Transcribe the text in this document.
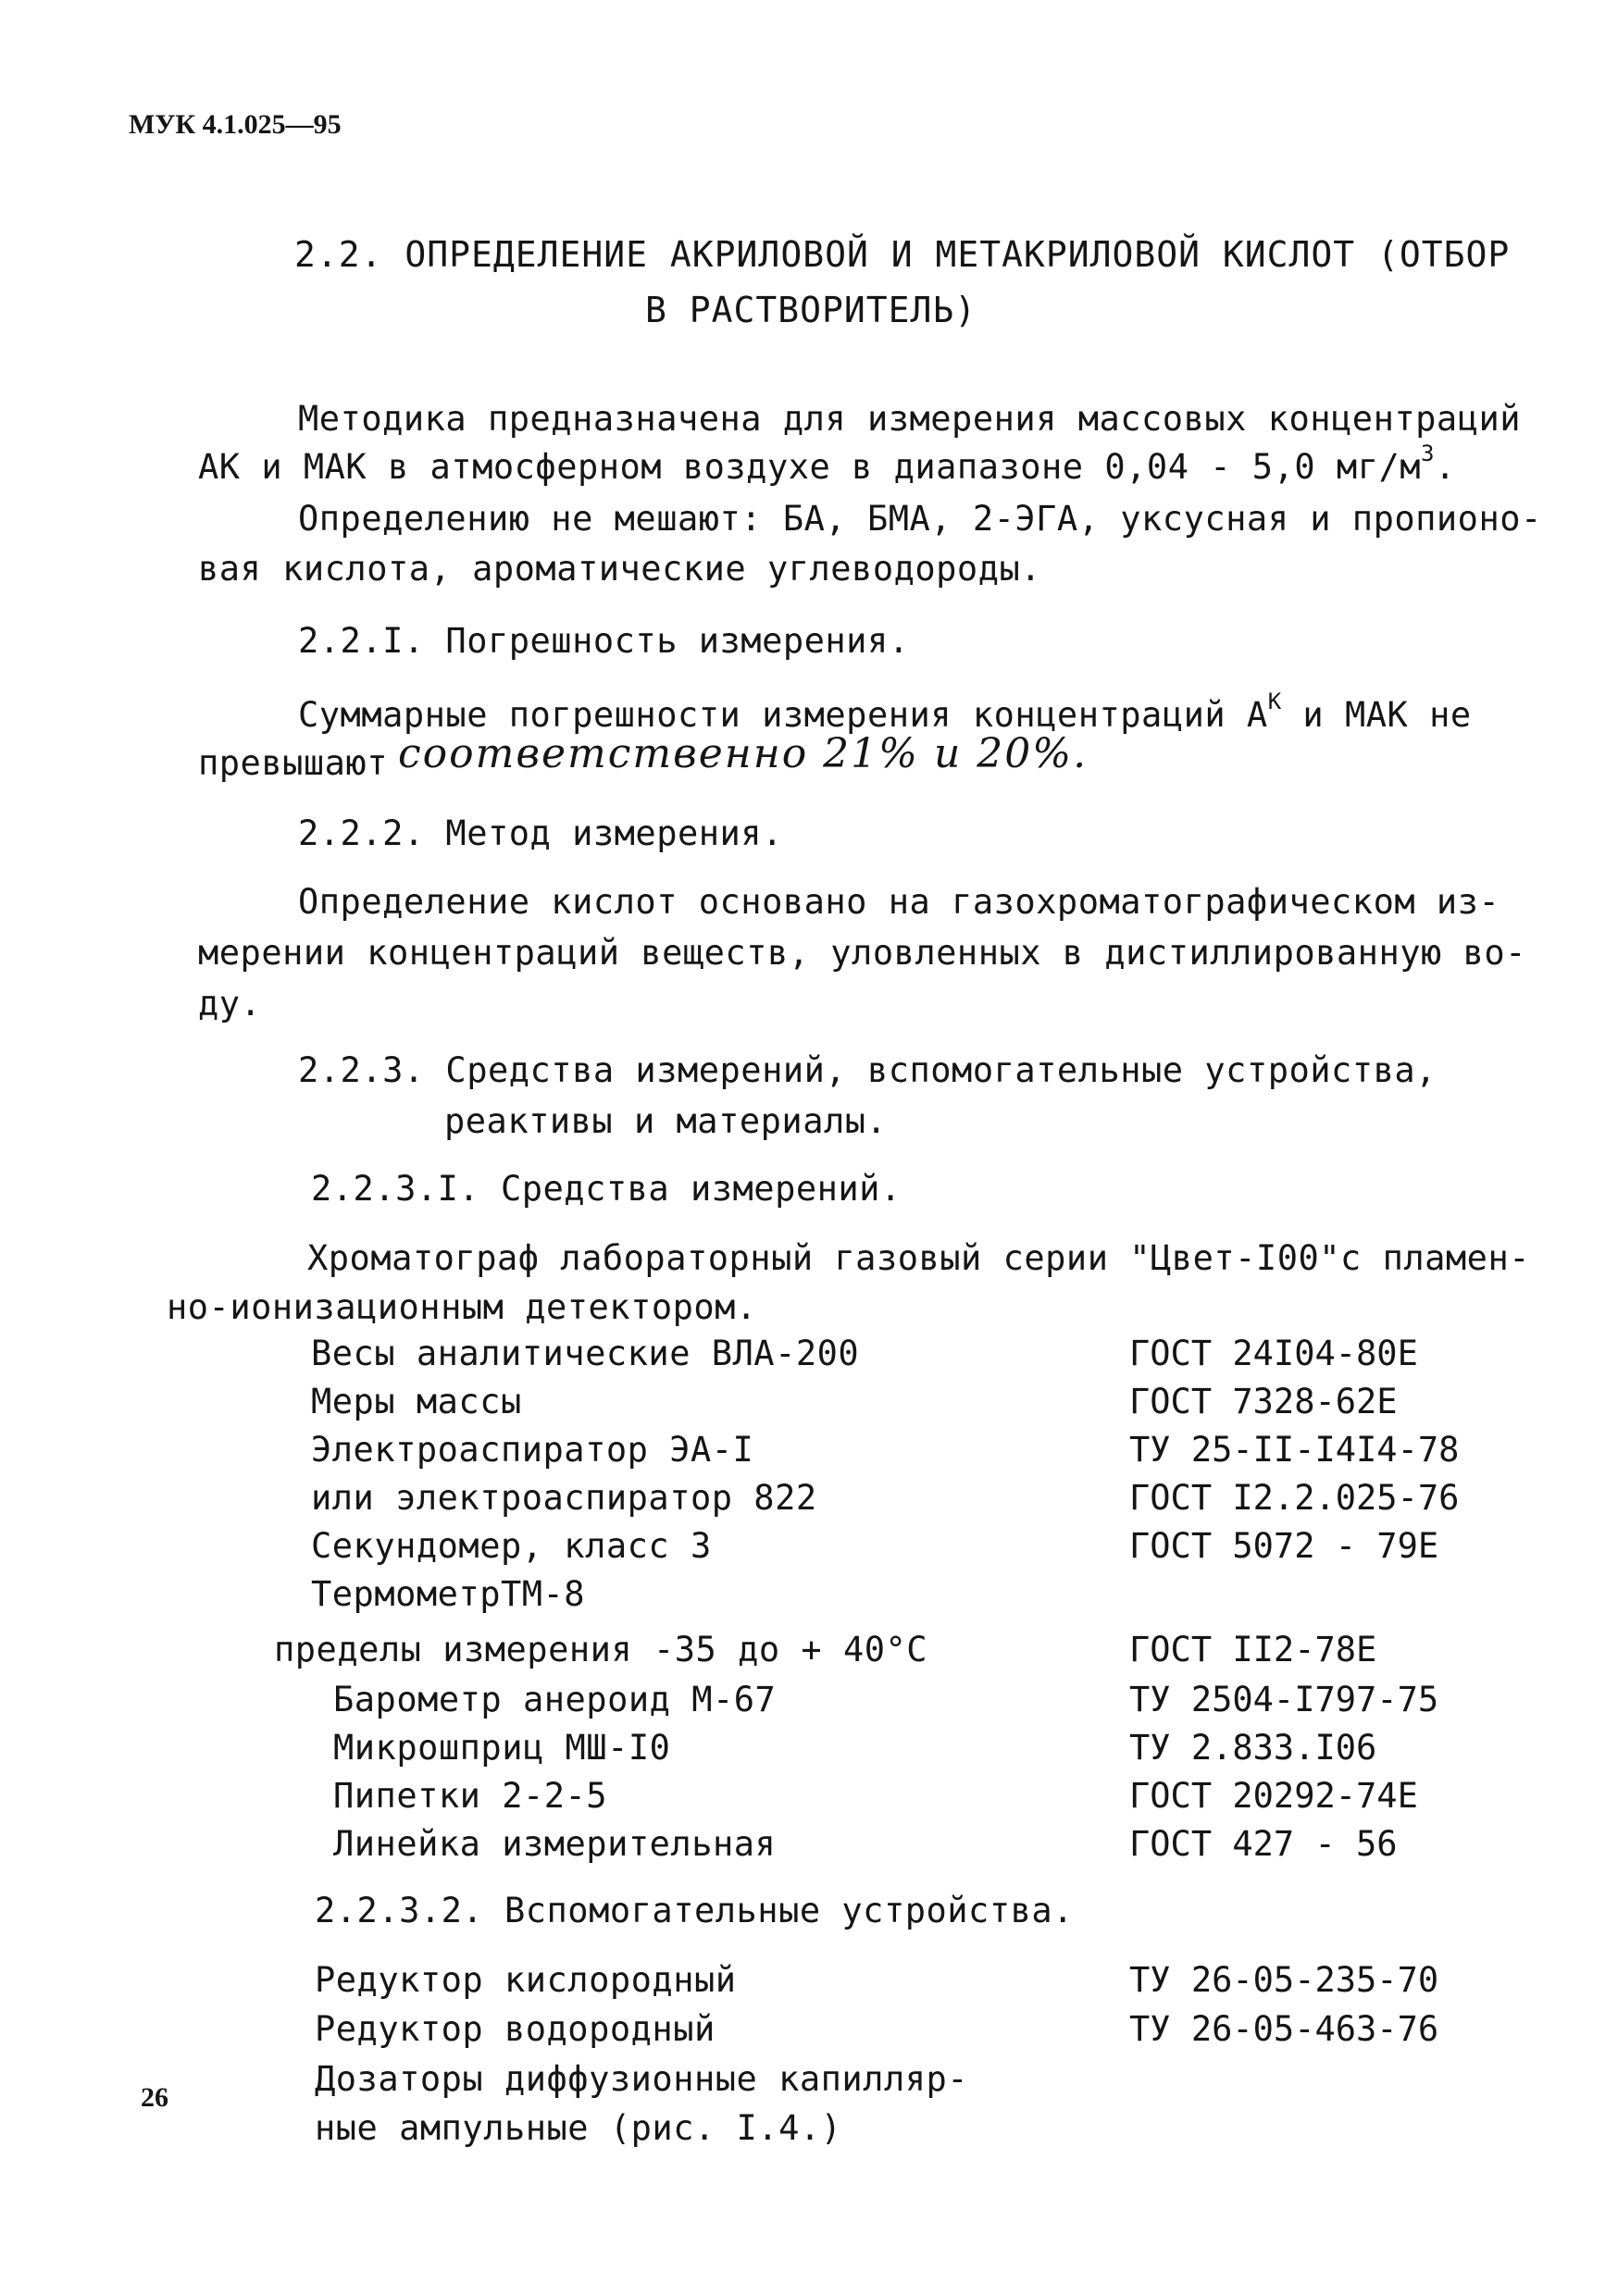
МУК 4.1.025—95
2.2. ОПРЕДЕЛЕНИЕ АКРИЛОВОЙ И МЕТАКРИЛОВОЙ КИСЛОТ (ОТБОР
В РАСТВОРИТЕЛЬ)
Методика предназначена для измерения массовых концентраций
АК и МАК в атмосферном воздухе в диапазоне 0,04 - 5,0 $мг/м^3$.
Определению не мешают: БА, БМА, 2-ЭГА, уксусная и пропионо-
вая кислота, ароматические углеводороды.
2.2.I. Погрешность измерения.
Суммарные погрешности измерения концентраций $А^К$ и МАК не
превышают соответственно 21% и 20%.
2.2.2. Метод измерения.
Определение кислот основано на газохроматографическом из-
мерении концентраций веществ, уловленных в дистиллированную во-
ду.
2.2.3. Средства измерений, вспомогательные устройства,
реактивы и материалы.
2.2.3.I. Средства измерений.
Хроматограф лабораторный газовый серии "Цвет-I00"с пламен-
но-ионизационным детектором.
Весы аналитические ВЛА-200	ГОСТ 24I04-80Е
Меры массы	ГОСТ 7328-62Е
Электроаспиратор ЭА-I	ТУ 25-II-I4I4-78
или электроаспиратор 822	ГОСТ I2.2.025-76
Секундомер, класс 3	ГОСТ 5072 - 79Е
ТермометрТМ-8
пределы измерения -35 до + 40°С	ГОСТ II2-78Е
Барометр анероид М-67	ТУ 2504-I797-75
Микрошприц МШ-I0	ТУ 2.833.I06
Пипетки 2-2-5	ГОСТ 20292-74Е
Линейка измерительная	ГОСТ 427 - 56
2.2.3.2. Вспомогательные устройства.
Редуктор кислородный	ТУ 26-05-235-70
Редуктор водородный	ТУ 26-05-463-76
Дозаторы диффузионные капилляр-
ные ампульные (рис. I.4.)
26
